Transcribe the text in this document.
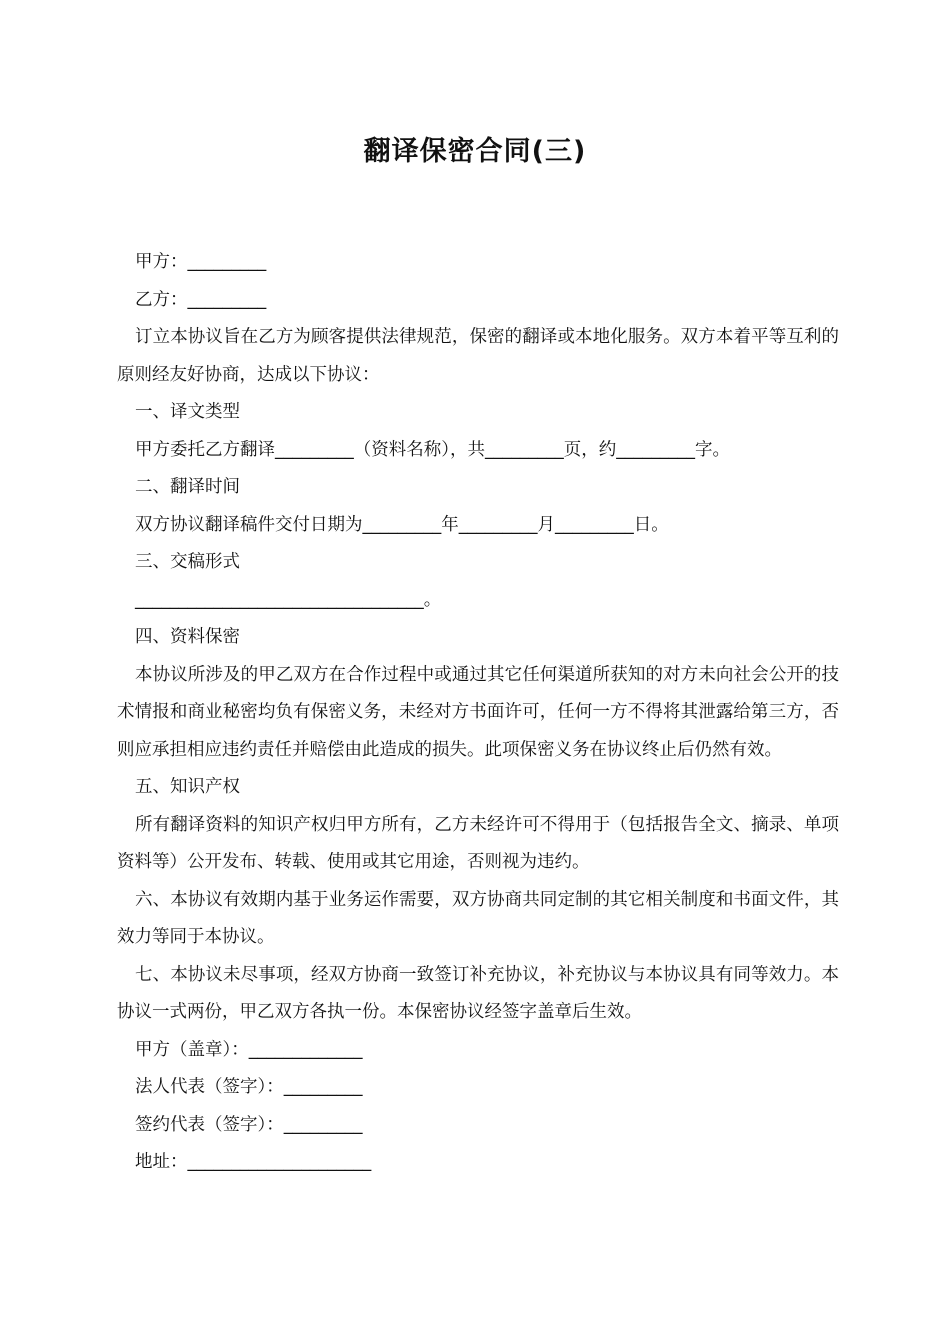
翻译保密合同(三)

甲方：_________

乙方：_________

订立本协议旨在乙方为顾客提供法律规范，保密的翻译或本地化服务。双方本着平等互利的原则经友好协商，达成以下协议：

一、译文类型

甲方委托乙方翻译_________（资料名称），共_________页，约_________字。

二、翻译时间

双方协议翻译稿件交付日期为_________年_________月_________日。

三、交稿形式

_________________________________。

四、资料保密

本协议所涉及的甲乙双方在合作过程中或通过其它任何渠道所获知的对方未向社会公开的技术情报和商业秘密均负有保密义务，未经对方书面许可，任何一方不得将其泄露给第三方，否则应承担相应违约责任并赔偿由此造成的损失。此项保密义务在协议终止后仍然有效。

五、知识产权

所有翻译资料的知识产权归甲方所有，乙方未经许可不得用于（包括报告全文、摘录、单项资料等）公开发布、转载、使用或其它用途，否则视为违约。

六、本协议有效期内基于业务运作需要，双方协商共同定制的其它相关制度和书面文件，其效力等同于本协议。

七、本协议未尽事项，经双方协商一致签订补充协议，补充协议与本协议具有同等效力。本协议一式两份，甲乙双方各执一份。本保密协议经签字盖章后生效。

甲方（盖章）：_____________

法人代表（签字）：_________

签约代表（签字）：_________

地址：_____________________
